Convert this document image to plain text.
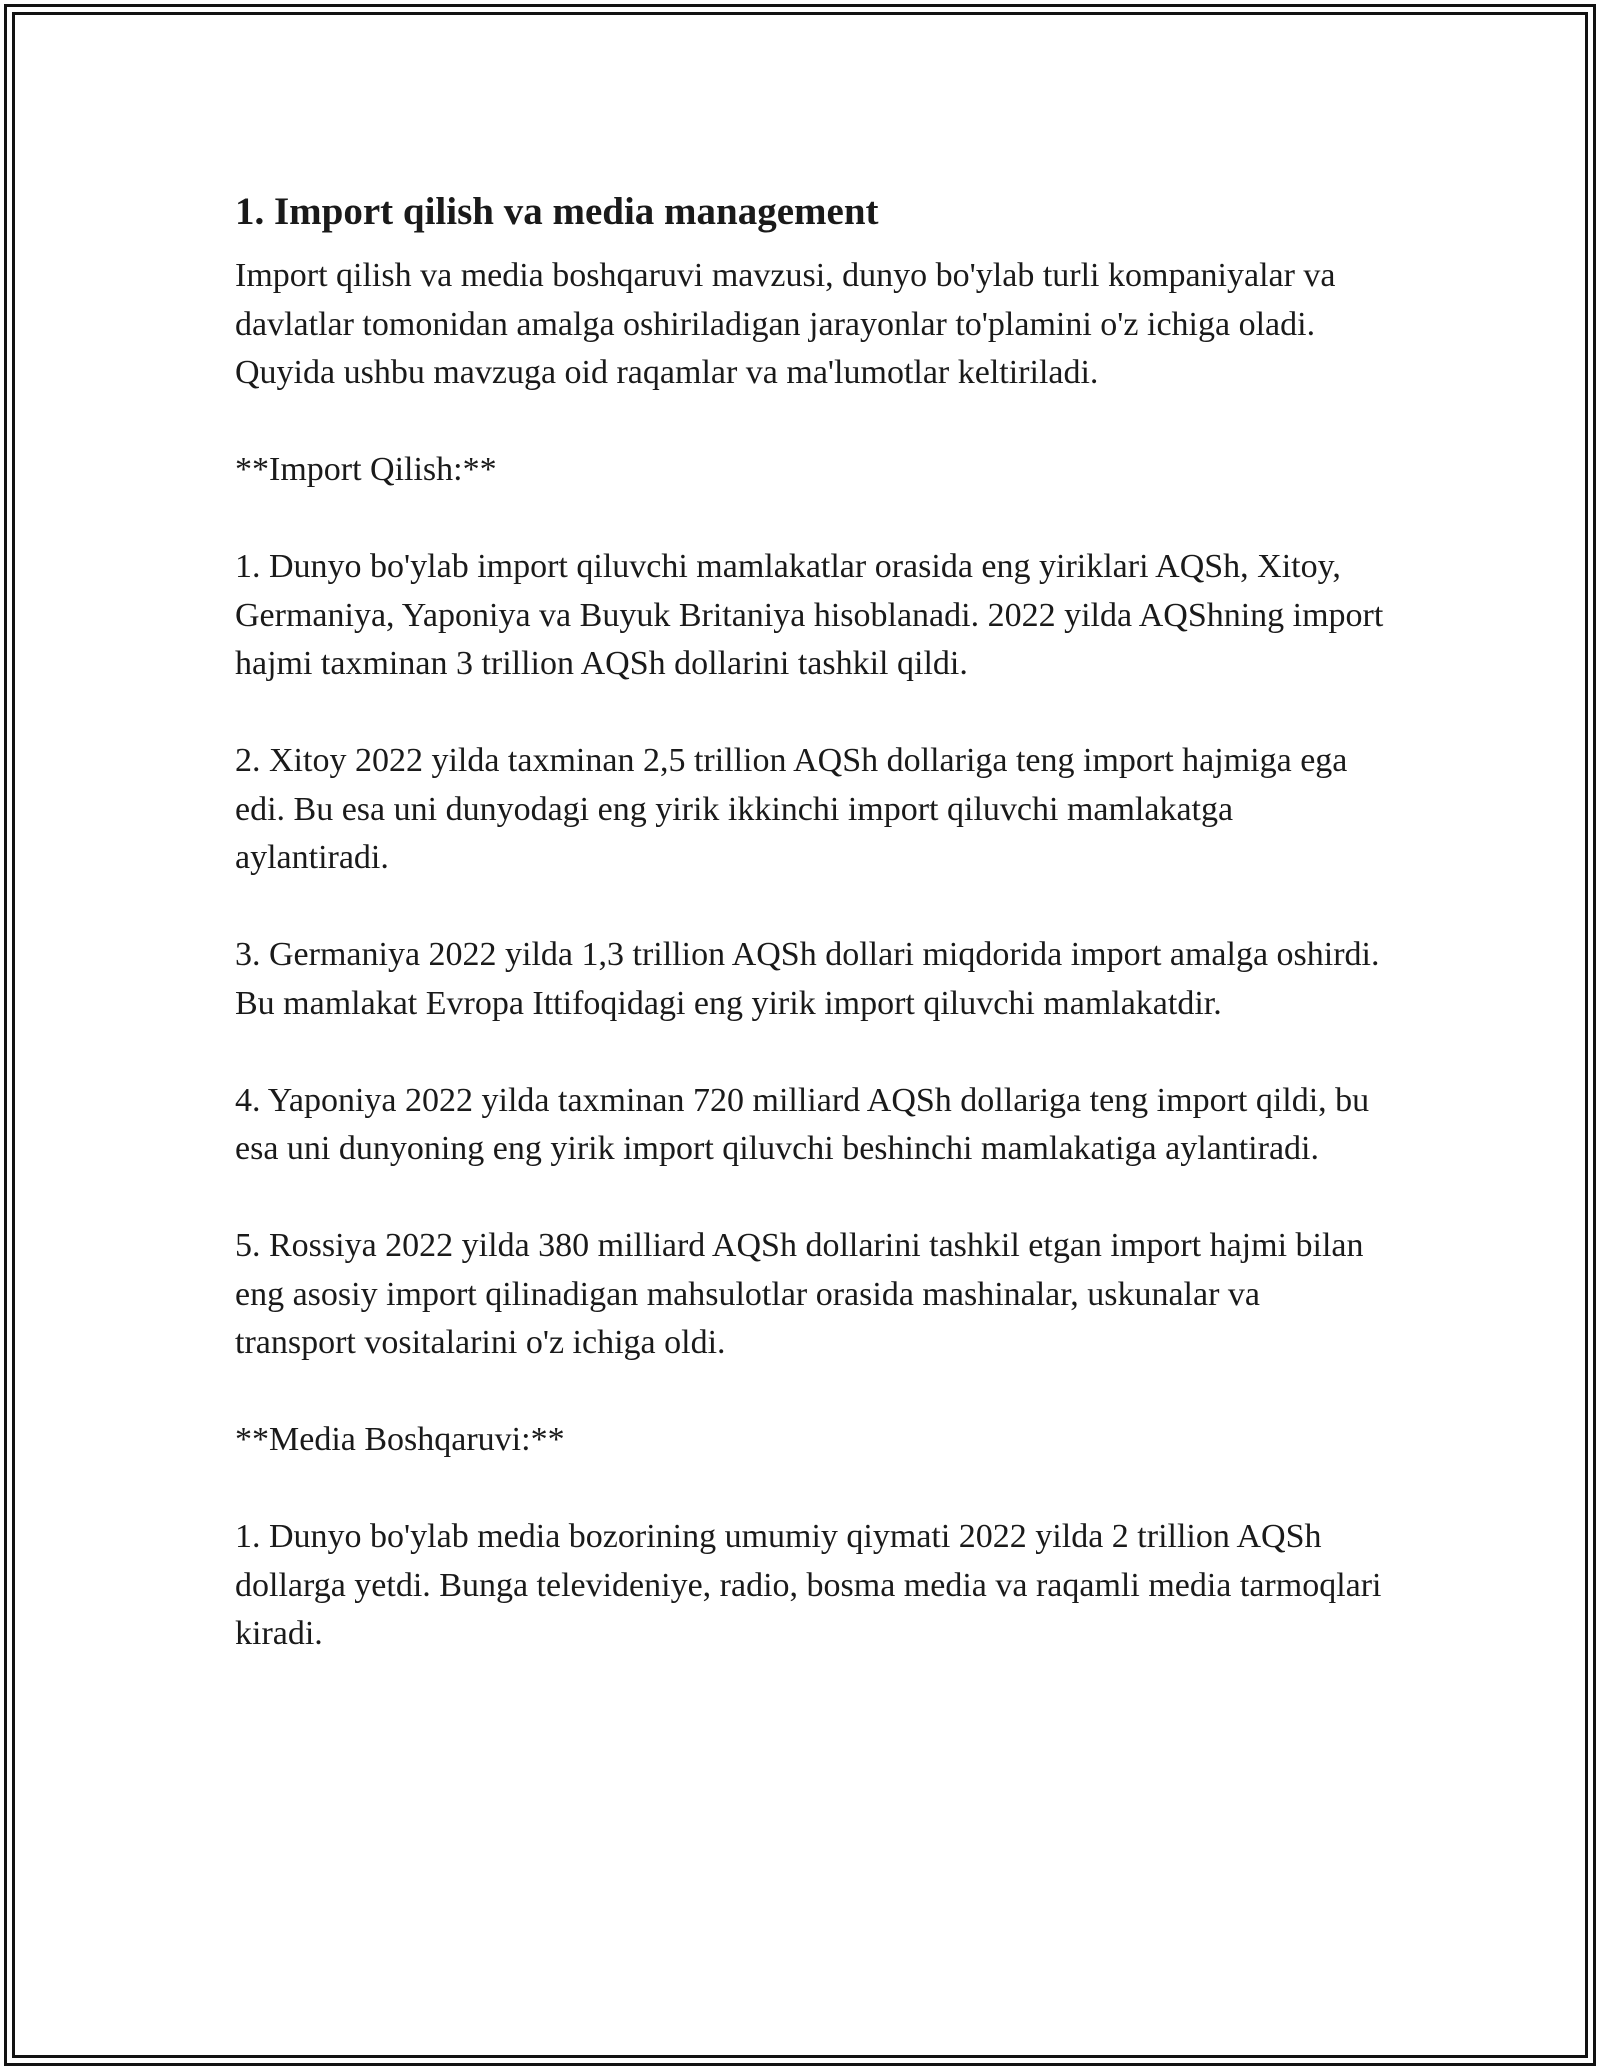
1. Import qilish va media management

Import qilish va media boshqaruvi mavzusi, dunyo bo'ylab turli kompaniyalar va davlatlar tomonidan amalga oshiriladigan jarayonlar to'plamini o'z ichiga oladi. Quyida ushbu mavzuga oid raqamlar va ma'lumotlar keltiriladi.

**Import Qilish:**

1. Dunyo bo'ylab import qiluvchi mamlakatlar orasida eng yiriklari AQSh, Xitoy, Germaniya, Yaponiya va Buyuk Britaniya hisoblanadi. 2022 yilda AQShning import hajmi taxminan 3 trillion AQSh dollarini tashkil qildi.

2. Xitoy 2022 yilda taxminan 2,5 trillion AQSh dollariga teng import hajmiga ega edi. Bu esa uni dunyodagi eng yirik ikkinchi import qiluvchi mamlakatga aylantiradi.

3. Germaniya 2022 yilda 1,3 trillion AQSh dollari miqdorida import amalga oshirdi. Bu mamlakat Evropa Ittifoqidagi eng yirik import qiluvchi mamlakatdir.

4. Yaponiya 2022 yilda taxminan 720 milliard AQSh dollariga teng import qildi, bu esa uni dunyoning eng yirik import qiluvchi beshinchi mamlakatiga aylantiradi.

5. Rossiya 2022 yilda 380 milliard AQSh dollarini tashkil etgan import hajmi bilan eng asosiy import qilinadigan mahsulotlar orasida mashinalar, uskunalar va transport vositalarini o'z ichiga oldi.

**Media Boshqaruvi:**

1. Dunyo bo'ylab media bozorining umumiy qiymati 2022 yilda 2 trillion AQSh dollarga yetdi. Bunga televideniye, radio, bosma media va raqamli media tarmoqlari kiradi.
